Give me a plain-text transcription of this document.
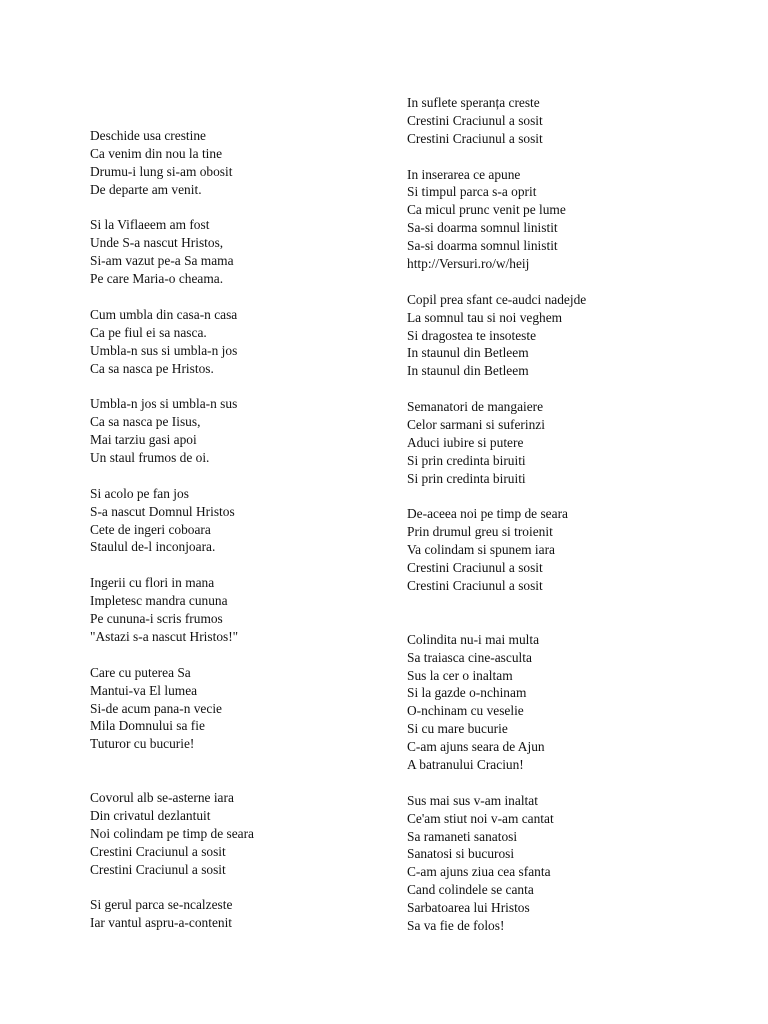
Deschide usa crestine
Ca venim din nou la tine
Drumu-i lung si-am obosit
De departe am venit.
Si la Viflaeem am fost
Unde S-a nascut Hristos,
Si-am vazut pe-a Sa mama
Pe care Maria-o cheama.
Cum umbla din casa-n casa
Ca pe fiul ei sa nasca.
Umbla-n sus si umbla-n jos
Ca sa nasca pe Hristos.
Umbla-n jos si umbla-n sus
Ca sa nasca pe Iisus,
Mai tarziu gasi apoi
Un staul frumos de oi.
Si acolo pe fan jos
S-a nascut Domnul Hristos
Cete de ingeri coboara
Staulul de-l inconjoara.
Ingerii cu flori in mana
Impletesc mandra cununa
Pe cununa-i scris frumos
"Astazi s-a nascut Hristos!"
Care cu puterea Sa
Mantui-va El lumea
Si-de acum pana-n vecie
Mila Domnului sa fie
Tuturor cu bucurie!
Covorul alb se-asterne iara
Din crivatul dezlantuit
Noi colindam pe timp de seara
Crestini Craciunul a sosit
Crestini Craciunul a sosit
Si gerul parca se-ncalzeste
Iar vantul aspru-a-contenit
In suflete speranța creste
Crestini Craciunul a sosit
Crestini Craciunul a sosit
In inserarea ce apune
Si timpul parca s-a oprit
Ca micul prunc venit pe lume
Sa-si doarma somnul linistit
Sa-si doarma somnul linistit
http://Versuri.ro/w/heij
Copil prea sfant ce-audci nadejde
La somnul tau si noi veghem
Si dragostea te insoteste
In staunul din Betleem
In staunul din Betleem
Semanatori de mangaiere
Celor sarmani si suferinzi
Aduci iubire si putere
Si prin credinta biruiti
Si prin credinta biruiti
De-aceea noi pe timp de seara
Prin drumul greu si troienit
Va colindam si spunem iara
Crestini Craciunul a sosit
Crestini Craciunul a sosit
Colindita nu-i mai multa
Sa traiasca cine-asculta
Sus la cer o inaltam
Si la gazde o-nchinam
O-nchinam cu veselie
Si cu mare bucurie
C-am ajuns seara de Ajun
A batranului Craciun!
Sus mai sus v-am inaltat
Ce'am stiut noi v-am cantat
Sa ramaneti sanatosi
Sanatosi si bucurosi
C-am ajuns ziua cea sfanta
Cand colindele se canta
Sarbatoarea lui Hristos
Sa va fie de folos!
